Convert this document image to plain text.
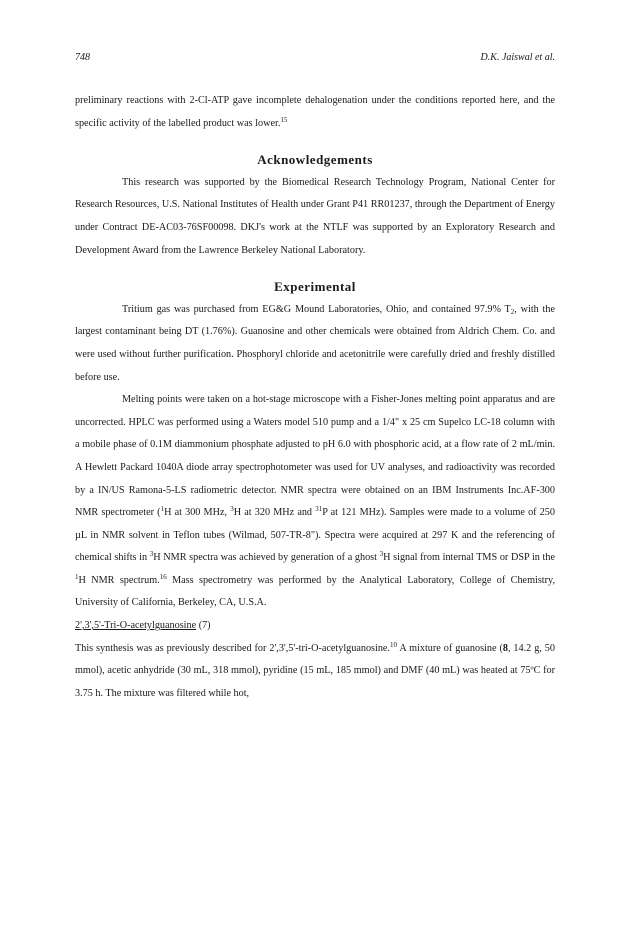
748	D.K. Jaiswal et al.

preliminary reactions with 2-Cl-ATP gave incomplete dehalogenation under the conditions reported here, and the specific activity of the labelled product was lower.$^{15}$

Acknowledgements

This research was supported by the Biomedical Research Technology Program, National Center for Research Resources, U.S. National Institutes of Health under Grant P41 RR01237, through the Department of Energy under Contract DE-AC03-76SF00098. DKJ's work at the NTLF was supported by an Exploratory Research and Development Award from the Lawrence Berkeley National Laboratory.

Experimental

Tritium gas was purchased from EG&G Mound Laboratories, Ohio, and contained 97.9% $T_2$, with the largest contaminant being DT (1.76%). Guanosine and other chemicals were obtained from Aldrich Chem. Co. and were used without further purification. Phosphoryl chloride and acetonitrile were carefully dried and freshly distilled before use.

Melting points were taken on a hot-stage microscope with a Fisher-Jones melting point apparatus and are uncorrected. HPLC was performed using a Waters model 510 pump and a 1/4" x 25 cm Supelco LC-18 column with a mobile phase of 0.1M diammonium phosphate adjusted to pH 6.0 with phosphoric acid, at a flow rate of 2 mL/min. A Hewlett Packard 1040A diode array spectrophotometer was used for UV analyses, and radioactivity was recorded by a IN/US Ramona-5-LS radiometric detector. NMR spectra were obtained on an IBM Instruments Inc.AF-300 NMR spectrometer ($^1$H at 300 MHz, $^3$H at 320 MHz and $^{31}$P at 121 MHz). Samples were made to a volume of 250 µL in NMR solvent in Teflon tubes (Wilmad, 507-TR-8"). Spectra were acquired at 297 K and the referencing of chemical shifts in $^3$H NMR spectra was achieved by generation of a ghost $^3$H signal from internal TMS or DSP in the $^1$H NMR spectrum.$^{16}$ Mass spectrometry was performed by the Analytical Laboratory, College of Chemistry, University of California, Berkeley, CA, U.S.A.

2',3',5'-Tri-O-acetylguanosine (7)

This synthesis was as previously described for 2',3',5'-tri-O-acetylguanosine.$^{10}$ A mixture of guanosine (8, 14.2 g, 50 mmol), acetic anhydride (30 mL, 318 mmol), pyridine (15 mL, 185 mmol) and DMF (40 mL) was heated at 75ºC for 3.75 h. The mixture was filtered while hot,
